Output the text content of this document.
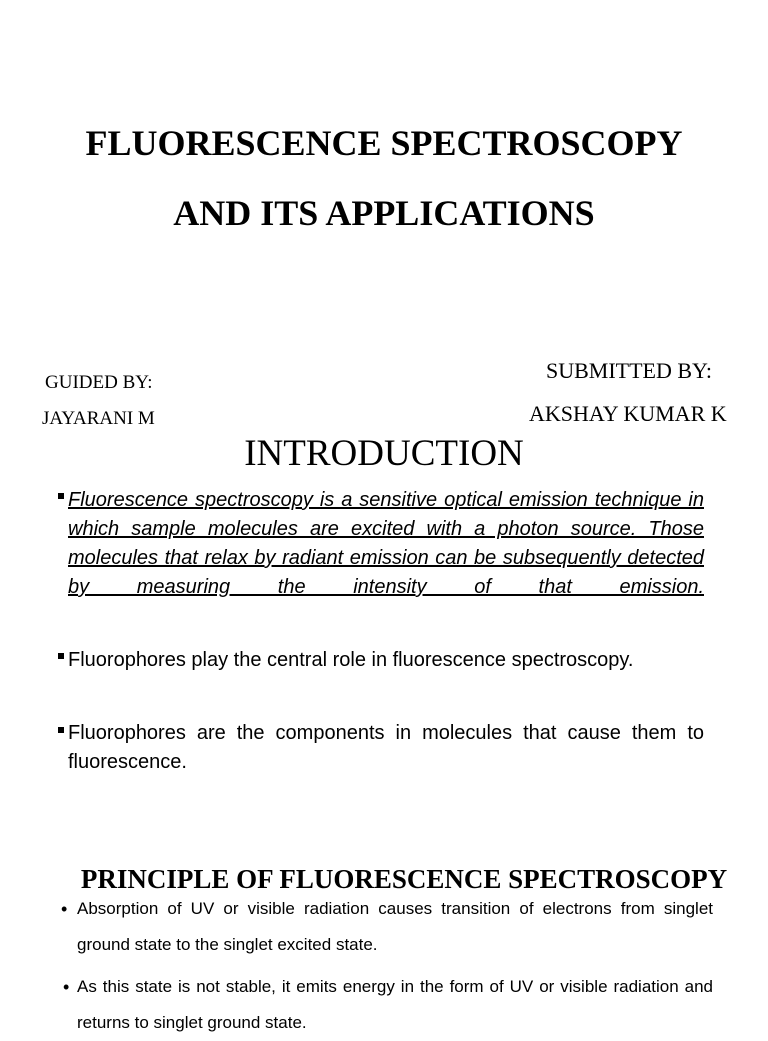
FLUORESCENCE SPECTROSCOPY
AND ITS APPLICATIONS
GUIDED BY:
JAYARANI M
SUBMITTED BY:
AKSHAY KUMAR K
INTRODUCTION
Fluorescence spectroscopy is a sensitive optical emission technique in which sample molecules are excited with a photon source. Those molecules that relax by radiant emission can be subsequently detected by measuring the intensity of that emission.
Fluorophores play the central role in fluorescence spectroscopy.
Fluorophores are the components in molecules that cause them to fluorescence.
PRINCIPLE OF FLUORESCENCE SPECTROSCOPY
• Absorption of UV or visible radiation causes transition of electrons from singlet ground state to the singlet excited state.
• As this state is not stable, it emits energy in the form of UV or visible radiation and returns to singlet ground state.
